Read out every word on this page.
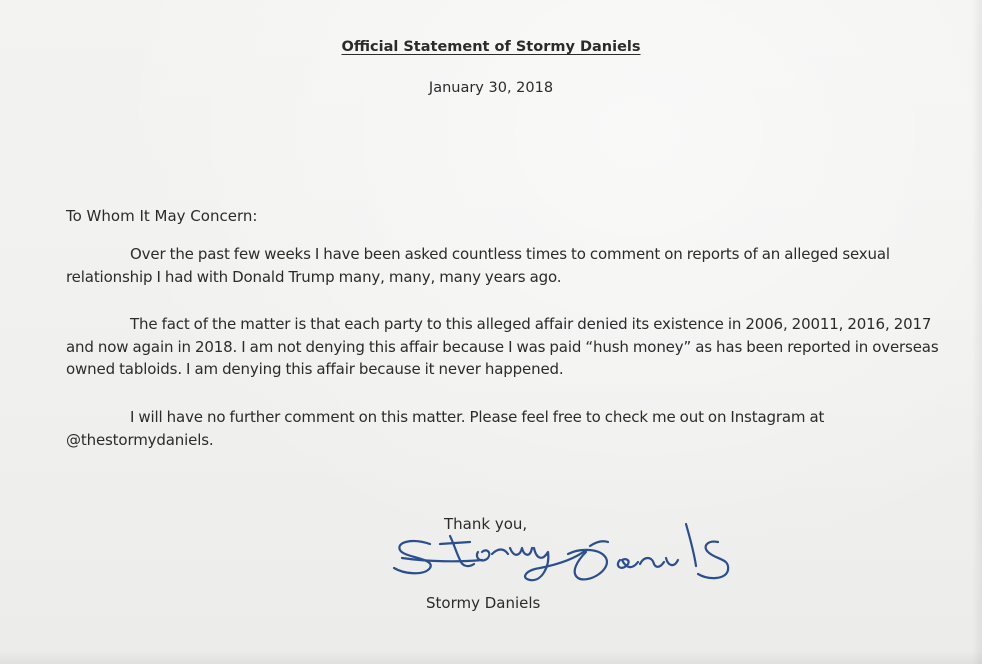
Official Statement of Stormy Daniels
January 30, 2018
To Whom It May Concern:

Over the past few weeks I have been asked countless times to comment on reports of an alleged sexual relationship I had with Donald Trump many, many, many years ago.

The fact of the matter is that each party to this alleged affair denied its existence in 2006, 20011, 2016, 2017 and now again in 2018. I am not denying this affair because I was paid “hush money” as has been reported in overseas owned tabloids. I am denying this affair because it never happened.

I will have no further comment on this matter. Please feel free to check me out on Instagram at @thestormydaniels.

Thank you,
Stormy Daniels
